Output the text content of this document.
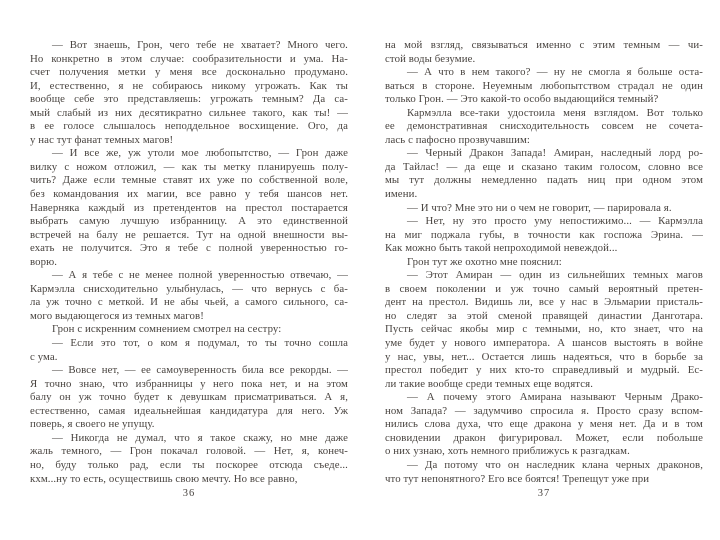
— Вот знаешь, Грон, чего тебе не хватает? Много чего.
Но конкретно в этом случае: сообразительности и ума. На-
счет получения метки у меня все досконально продумано.
И, естественно, я не собираюсь никому угрожать. Как ты
вообще себе это представляешь: угрожать темным? Да са-
мый слабый из них десятикратно сильнее такого, как ты! —
в ее голосе слышалось неподдельное восхищение. Ого, да
у нас тут фанат темных магов!
— И все же, уж утоли мое любопытство, — Грон даже
вилку с ножом отложил, — как ты метку планируешь полу-
чить? Даже если темные ставят их уже по собственной воле,
без командования их магии, все равно у тебя шансов нет.
Наверняка каждый из претендентов на престол постарается
выбрать самую лучшую избранницу. А это единственной
встречей на балу не решается. Тут на одной внешности вы-
ехать не получится. Это я тебе с полной уверенностью го-
ворю.
— А я тебе с не менее полной уверенностью отвечаю, —
Кармэлла снисходительно улыбнулась, — что вернусь с ба-
ла уж точно с меткой. И не абы чьей, а самого сильного, са-
мого выдающегося из темных магов!
Грон с искренним сомнением смотрел на сестру:
— Если это тот, о ком я подумал, то ты точно сошла
с ума.
— Вовсе нет, — ее самоуверенность била все рекорды. —
Я точно знаю, что избранницы у него пока нет, и на этом
балу он уж точно будет к девушкам присматриваться. А я,
естественно, самая идеальнейшая кандидатура для него. Уж
поверь, я своего не упущу.
— Никогда не думал, что я такое скажу, но мне даже
жаль темного, — Грон покачал головой. — Нет, я, конеч-
но, буду только рад, если ты поскорее отсюда съеде...
кхм...ну то есть, осуществишь свою мечту. Но все равно,
36
на мой взгляд, связываться именно с этим темным — чи-
стой воды безумие.
— А что в нем такого? — ну не смогла я больше оста-
ваться в стороне. Неуемным любопытством страдал не один
только Грон. — Это какой-то особо выдающийся темный?
Кармэлла все-таки удостоила меня взглядом. Вот только
ее демонстративная снисходительность совсем не сочета-
лась с пафосно прозвучавшим:
— Черный Дракон Запада! Амиран, наследный лорд ро-
да Тайлас! — да еще и сказано таким голосом, словно все
мы тут должны немедленно падать ниц при одном этом
имени.
— И что? Мне это ни о чем не говорит, — парировала я.
— Нет, ну это просто уму непостижимо... — Кармэлла
на миг поджала губы, в точности как госпожа Эрина. —
Как можно быть такой непроходимой невеждой...
Грон тут же охотно мне пояснил:
— Этот Амиран — один из сильнейших темных магов
в своем поколении и уж точно самый вероятный претен-
дент на престол. Видишь ли, все у нас в Эльмарии присталь-
но следят за этой сменой правящей династии Данготара.
Пусть сейчас якобы мир с темными, но, кто знает, что на
уме будет у нового императора. А шансов выстоять в войне
у нас, увы, нет... Остается лишь надеяться, что в борьбе за
престол победит у них кто-то справедливый и мудрый. Ес-
ли такие вообще среди темных еще водятся.
— А почему этого Амирана называют Черным Драко-
ном Запада? — задумчиво спросила я. Просто сразу вспом-
нились слова духа, что еще дракона у меня нет. Да и в том
сновидении дракон фигурировал. Может, если побольше
о них узнаю, хоть немного приближусь к разгадкам.
— Да потому что он наследник клана черных драконов,
что тут непонятного? Его все боятся! Трепещут уже при
37
